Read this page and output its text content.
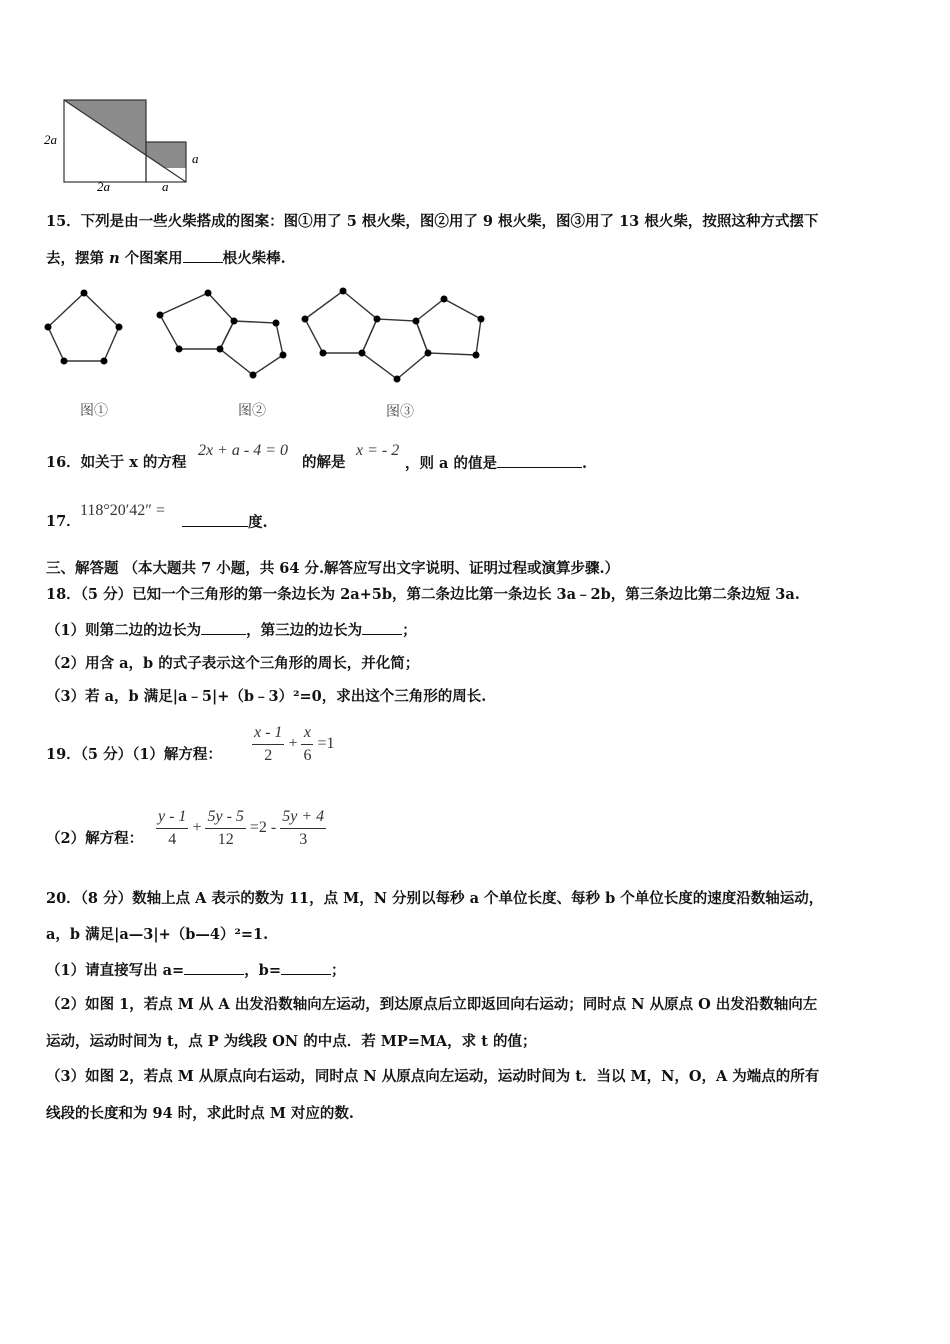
2a
2a
a
a
15．下列是由一些火柴搭成的图案：图①用了 5 根火柴，图②用了 9 根火柴，图③用了 13 根火柴，按照这种方式摆下
去，摆第 n 个图案用	根火柴棒.
图①	图②	图③
16．如关于 x 的方程
2x + a - 4 = 0
的解是
x = - 2
，则 a 的值是	.
17．
118°20′42″ =
度.
三、解答题 （本大题共 7 小题，共 64 分.解答应写出文字说明、证明过程或演算步骤.）
18．（5 分）已知一个三角形的第一条边长为 2a+5b，第二条边比第一条边长 3a﹣2b，第三条边比第二条边短 3a.
（1）则第二边的边长为	，第三边的边长为	；
（2）用含 a，b 的式子表示这个三角形的周长，并化简；
（3）若 a，b 满足|a﹣5|+（b﹣3）²=0，求出这个三角形的周长.
19．（5 分）（1）解方程： $\frac{x - 1}{2} + \frac{x}{6} =1$
（2）解方程： $\frac{y - 1}{4} + \frac{5y - 5}{12} =2 - \frac{5y + 4}{3}$
20．（8 分）数轴上点 A 表示的数为 11，点 M，N 分别以每秒 a 个单位长度、每秒 b 个单位长度的速度沿数轴运动，
a，b 满足|a—3|+（b—4）²=1.
（1）请直接写出 a=	，b=	；
（2）如图 1，若点 M 从 A 出发沿数轴向左运动，到达原点后立即返回向右运动；同时点 N 从原点 O 出发沿数轴向左
运动，运动时间为 t，点 P 为线段 ON 的中点．若 MP=MA，求 t 的值；
（3）如图 2，若点 M 从原点向右运动，同时点 N 从原点向左运动，运动时间为 t．当以 M，N，O，A 为端点的所有
线段的长度和为 94 时，求此时点 M 对应的数.
